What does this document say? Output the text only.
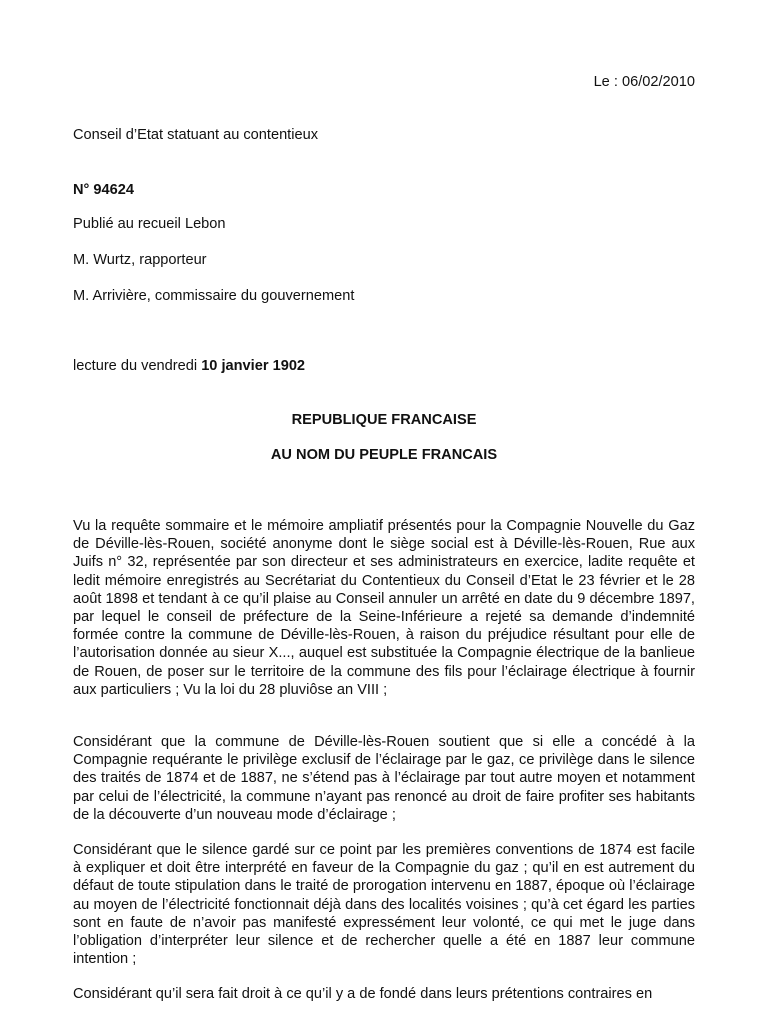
Le : 06/02/2010
Conseil d’Etat statuant au contentieux
N° 94624
Publié au recueil Lebon
M. Wurtz, rapporteur
M. Arrivière, commissaire du gouvernement
lecture du vendredi 10 janvier 1902
REPUBLIQUE FRANCAISE
AU NOM DU PEUPLE FRANCAIS
Vu la requête sommaire et le mémoire ampliatif présentés pour la Compagnie Nouvelle du Gaz de Déville-lès-Rouen, société anonyme dont le siège social est à Déville-lès-Rouen, Rue aux Juifs n° 32, représentée par son directeur et ses administrateurs en exercice, ladite requête et ledit mémoire enregistrés au Secrétariat du Contentieux du Conseil d’Etat le 23 février et le 28 août 1898 et tendant à ce qu’il plaise au Conseil annuler un arrêté en date du 9 décembre 1897, par lequel le conseil de préfecture de la Seine-Inférieure a rejeté sa demande d’indemnité formée contre la commune de Déville-lès-Rouen, à raison du préjudice résultant pour elle de l’autorisation donnée au sieur X..., auquel est substituée la Compagnie électrique de la banlieue de Rouen, de poser sur le territoire de la commune des fils pour l’éclairage électrique à fournir aux particuliers ; Vu la loi du 28 pluviôse an VIII ;
Considérant que la commune de Déville-lès-Rouen soutient que si elle a concédé à la Compagnie requérante le privilège exclusif de l’éclairage par le gaz, ce privilège dans le silence des traités de 1874 et de 1887, ne s’étend pas à l’éclairage par tout autre moyen et notamment par celui de l’électricité, la commune n’ayant pas renoncé au droit de faire profiter ses habitants de la découverte d’un nouveau mode d’éclairage ;
Considérant que le silence gardé sur ce point par les premières conventions de 1874 est facile à expliquer et doit être interprété en faveur de la Compagnie du gaz ; qu’il en est autrement du défaut de toute stipulation dans le traité de prorogation intervenu en 1887, époque où l’éclairage au moyen de l’électricité fonctionnait déjà dans des localités voisines ; qu’à cet égard les parties sont en faute de n’avoir pas manifesté expressément leur volonté, ce qui met le juge dans l’obligation d’interpréter leur silence et de rechercher quelle a été en 1887 leur commune intention ;
Considérant qu’il sera fait droit à ce qu’il y a de fondé dans leurs prétentions contraires en
